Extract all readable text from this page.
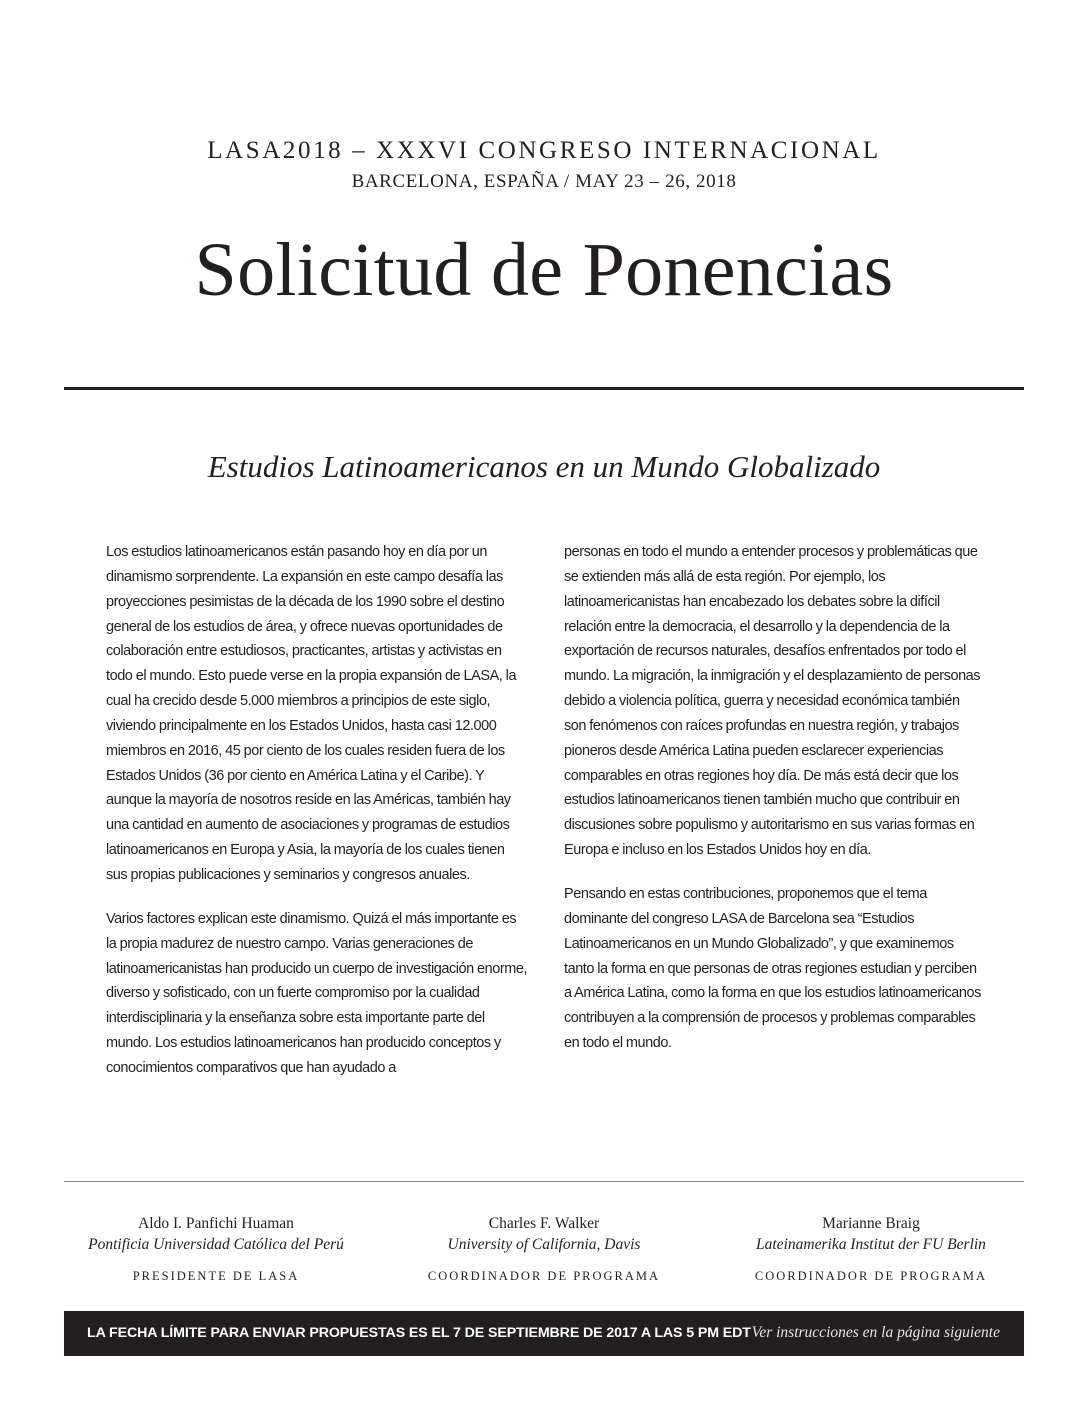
LASA2018 – XXXVI CONGRESO INTERNACIONAL
BARCELONA, ESPAÑA / MAY 23 – 26, 2018
Solicitud de Ponencias
Estudios Latinoamericanos en un Mundo Globalizado

Los estudios latinoamericanos están pasando hoy en día por un dinamismo sorprendente. La expansión en este campo desafía las proyecciones pesimistas de la década de los 1990 sobre el destino general de los estudios de área, y ofrece nuevas oportunidades de colaboración entre estudiosos, practicantes, artistas y activistas en todo el mundo. Esto puede verse en la propia expansión de LASA, la cual ha crecido desde 5.000 miembros a principios de este siglo, viviendo principalmente en los Estados Unidos, hasta casi 12.000 miembros en 2016, 45 por ciento de los cuales residen fuera de los Estados Unidos (36 por ciento en América Latina y el Caribe). Y aunque la mayoría de nosotros reside en las Américas, también hay una cantidad en aumento de asociaciones y programas de estudios latinoamericanos en Europa y Asia, la mayoría de los cuales tienen sus propias publicaciones y seminarios y congresos anuales.

Varios factores explican este dinamismo. Quizá el más importante es la propia madurez de nuestro campo. Varias generaciones de latinoamericanistas han producido un cuerpo de investigación enorme, diverso y sofisticado, con un fuerte compromiso por la cualidad interdisciplinaria y la enseñanza sobre esta importante parte del mundo. Los estudios latinoamericanos han producido conceptos y conocimientos comparativos que han ayudado a

personas en todo el mundo a entender procesos y problemáticas que se extienden más allá de esta región. Por ejemplo, los latinoamericanistas han encabezado los debates sobre la difícil relación entre la democracia, el desarrollo y la dependencia de la exportación de recursos naturales, desafíos enfrentados por todo el mundo. La migración, la inmigración y el desplazamiento de personas debido a violencia política, guerra y necesidad económica también son fenómenos con raíces profundas en nuestra región, y trabajos pioneros desde América Latina pueden esclarecer experiencias comparables en otras regiones hoy día. De más está decir que los estudios latinoamericanos tienen también mucho que contribuir en discusiones sobre populismo y autoritarismo en sus varias formas en Europa e incluso en los Estados Unidos hoy en día.

Pensando en estas contribuciones, proponemos que el tema dominante del congreso LASA de Barcelona sea “Estudios Latinoamericanos en un Mundo Globalizado”, y que examinemos tanto la forma en que personas de otras regiones estudian y perciben a América Latina, como la forma en que los estudios latinoamericanos contribuyen a la comprensión de procesos y problemas comparables en todo el mundo.

Aldo I. Panfichi Huaman
Pontificia Universidad Católica del Perú
PRESIDENTE DE LASA
Charles F. Walker
University of California, Davis
COORDINADOR DE PROGRAMA
Marianne Braig
Lateinamerika Institut der FU Berlin
COORDINADOR DE PROGRAMA
LA FECHA LÍMITE PARA ENVIAR PROPUESTAS ES EL 7 DE SEPTIEMBRE DE 2017 A LAS 5 PM EDT Ver instrucciones en la página siguiente
